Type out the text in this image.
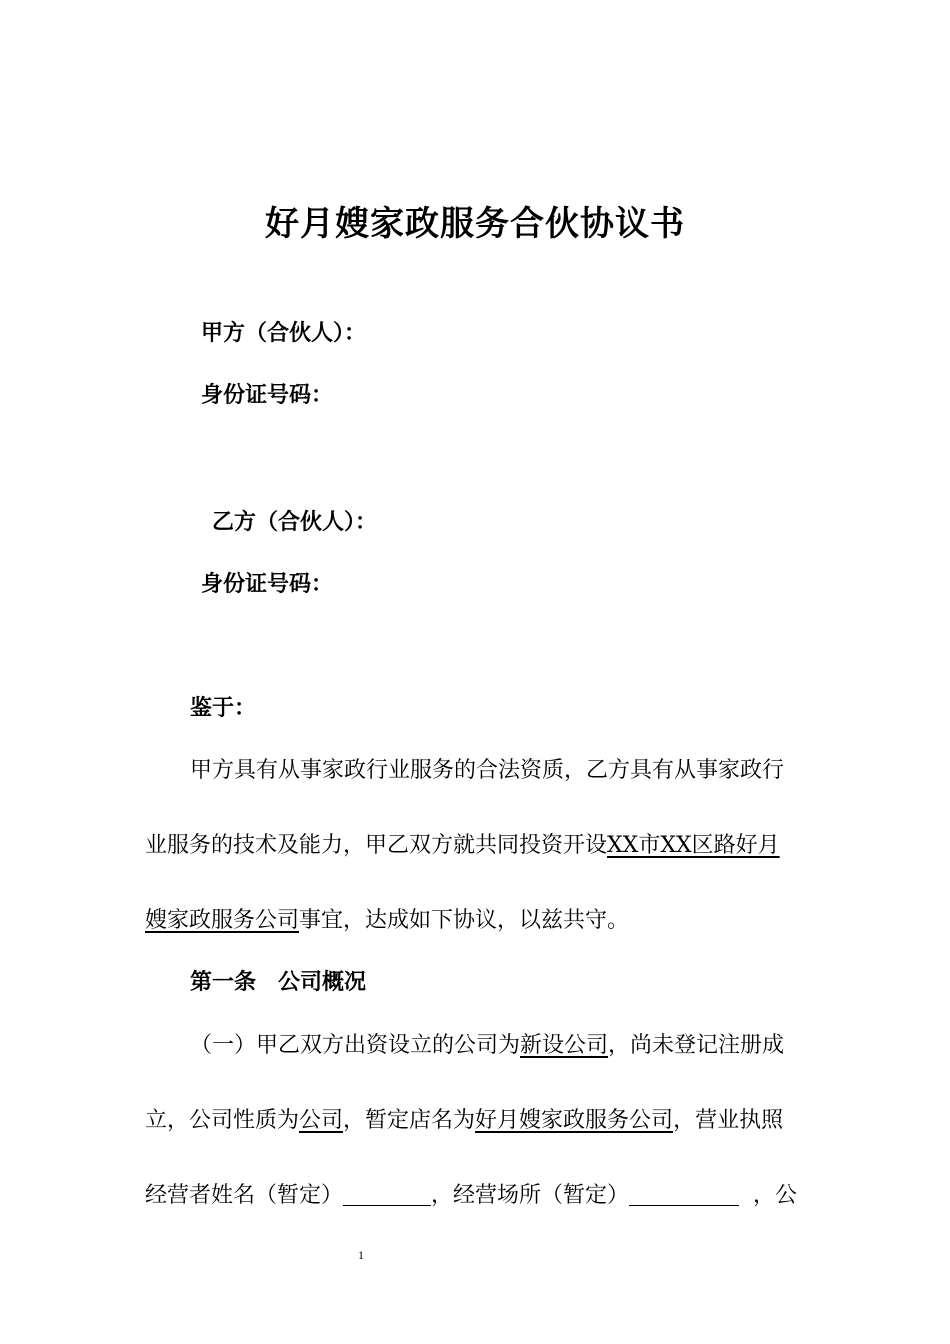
好月嫂家政服务合伙协议书
甲方（合伙人）：
身份证号码：
乙方（合伙人）：
身份证号码：
鉴于：
甲方具有从事家政行业服务的合法资质，乙方具有从事家政行
业服务的技术及能力，甲乙双方就共同投资开设XX市XX区路好月
嫂家政服务公司事宜，达成如下协议，以兹共守。
第一条　公司概况
（一）甲乙双方出资设立的公司为新设公司，尚未登记注册成
立，公司性质为公司，暂定店名为好月嫂家政服务公司，营业执照
经营者姓名（暂定）	，经营场所（暂定）	，公
1
